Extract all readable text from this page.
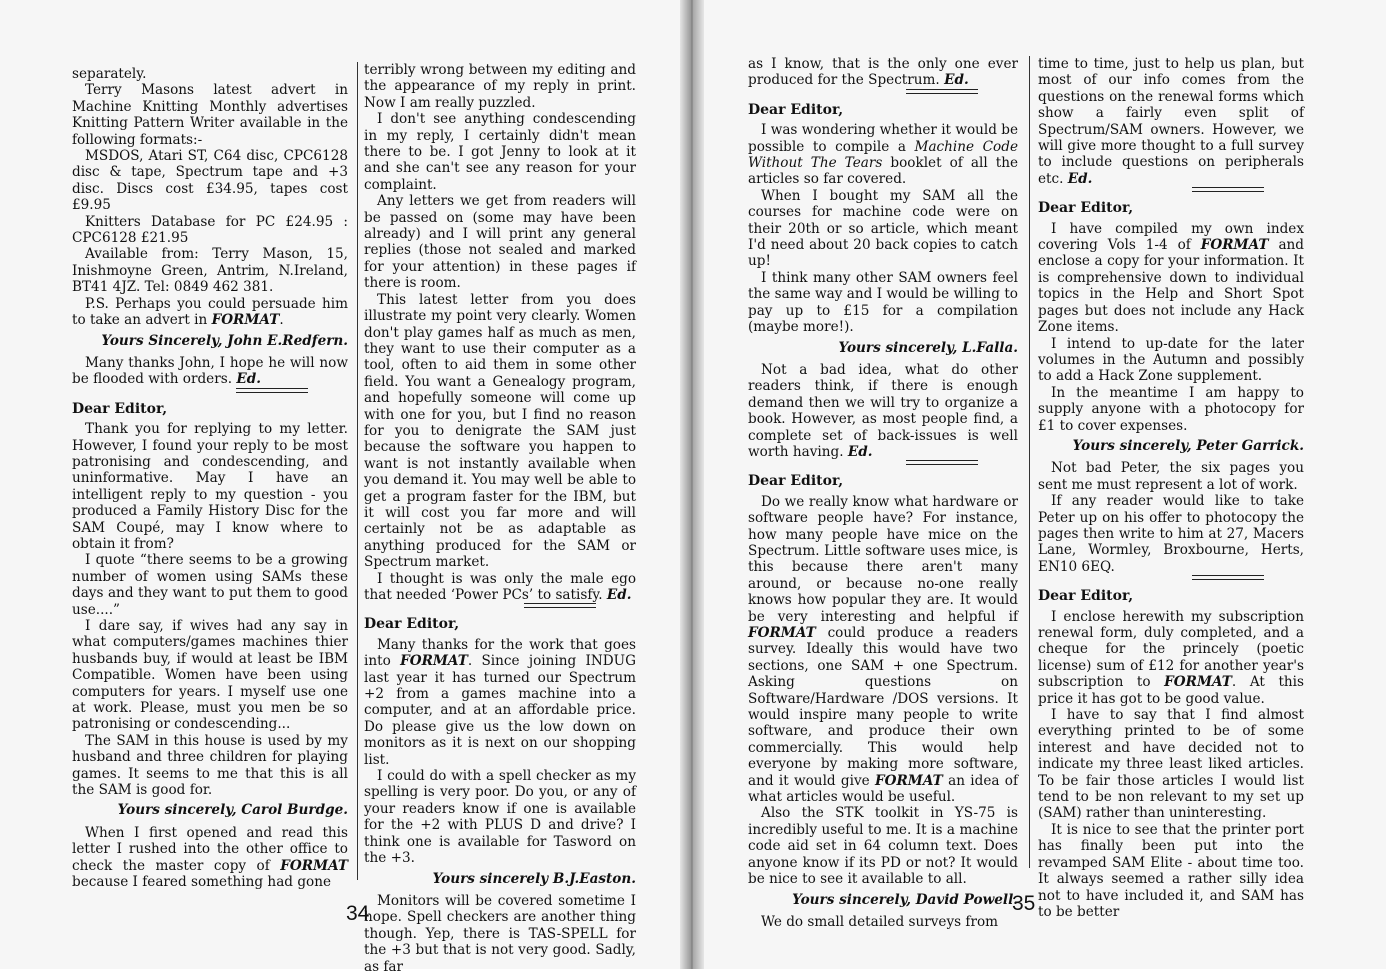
separately.

Terry Masons latest advert in Machine Knitting Monthly advertises Knitting Pattern Writer available in the following formats:-

MSDOS, Atari ST, C64 disc, CPC6128 disc & tape, Spectrum tape and +3 disc. Discs cost £34.95, tapes cost £9.95

Knitters Database for PC £24.95 : CPC6128 £21.95

Available from: Terry Mason, 15, Inishmoyne Green, Antrim, N.Ireland, BT41 4JZ. Tel: 0849 462 381.

P.S. Perhaps you could persuade him to take an advert in FORMAT.

Yours Sincerely, John E.Redfern.

Many thanks John, I hope he will now be flooded with orders. Ed.

Dear Editor,

Thank you for replying to my letter. However, I found your reply to be most patronising and condescending, and uninformative. May I have an intelligent reply to my question - you produced a Family History Disc for the SAM Coupé, may I know where to obtain it from?

I quote “there seems to be a growing number of women using SAMs these days and they want to put them to good use....”

I dare say, if wives had any say in what computers/games machines thier husbands buy, if would at least be IBM Compatible. Women have been using computers for years. I myself use one at work. Please, must you men be so patronising or condescending...

The SAM in this house is used by my husband and three children for playing games. It seems to me that this is all the SAM is good for.

Yours sincerely, Carol Burdge.

When I first opened and read this letter I rushed into the other office to check the master copy of FORMAT because I feared something had gone

terribly wrong between my editing and the appearance of my reply in print. Now I am really puzzled.

I don't see anything condescending in my reply, I certainly didn't mean there to be. I got Jenny to look at it and she can't see any reason for your complaint.

Any letters we get from readers will be passed on (some may have been already) and I will print any general replies (those not sealed and marked for your attention) in these pages if there is room.

This latest letter from you does illustrate my point very clearly. Women don't play games half as much as men, they want to use their computer as a tool, often to aid them in some other field. You want a Genealogy program, and hopefully someone will come up with one for you, but I find no reason for you to denigrate the SAM just because the software you happen to want is not instantly available when you demand it. You may well be able to get a program faster for the IBM, but it will cost you far more and will certainly not be as adaptable as anything produced for the SAM or Spectrum market.

I thought is was only the male ego that needed ‘Power PCs’ to satisfy. Ed.

Dear Editor,

Many thanks for the work that goes into FORMAT. Since joining INDUG last year it has turned our Spectrum +2 from a games machine into a computer, and at an affordable price. Do please give us the low down on monitors as it is next on our shopping list.

I could do with a spell checker as my spelling is very poor. Do you, or any of your readers know if one is available for the +2 with PLUS D and drive? I think one is available for Tasword on the +3.

Yours sincerely B.J.Easton.

Monitors will be covered sometime I hope. Spell checkers are another thing though. Yep, there is TAS-SPELL for the +3 but that is not very good. Sadly, as far

34

as I know, that is the only one ever produced for the Spectrum. Ed.

Dear Editor,

I was wondering whether it would be possible to compile a Machine Code Without The Tears booklet of all the articles so far covered.

When I bought my SAM all the courses for machine code were on their 20th or so article, which meant I'd need about 20 back copies to catch up!

I think many other SAM owners feel the same way and I would be willing to pay up to £15 for a compilation (maybe more!).

Yours sincerely, L.Falla.

Not a bad idea, what do other readers think, if there is enough demand then we will try to organize a book. However, as most people find, a complete set of back-issues is well worth having. Ed.

Dear Editor,

Do we really know what hardware or software people have? For instance, how many people have mice on the Spectrum. Little software uses mice, is this because there aren't many around, or because no-one really knows how popular they are. It would be very interesting and helpful if FORMAT could produce a readers survey. Ideally this would have two sections, one SAM + one Spectrum. Asking questions on Software/Hardware /DOS versions. It would inspire many people to write software, and produce their own commercially. This would help everyone by making more software, and it would give FORMAT an idea of what articles would be useful.

Also the STK toolkit in YS-75 is incredibly useful to me. It is a machine code aid set in 64 column text. Does anyone know if its PD or not? It would be nice to see it available to all.

Yours sincerely, David Powell.

We do small detailed surveys from

time to time, just to help us plan, but most of our info comes from the questions on the renewal forms which show a fairly even split of Spectrum/SAM owners. However, we will give more thought to a full survey to include questions on peripherals etc. Ed.

Dear Editor,

I have compiled my own index covering Vols 1-4 of FORMAT and enclose a copy for your information. It is comprehensive down to individual topics in the Help and Short Spot pages but does not include any Hack Zone items.

I intend to up-date for the later volumes in the Autumn and possibly to add a Hack Zone supplement.

In the meantime I am happy to supply anyone with a photocopy for £1 to cover expenses.

Yours sincerely, Peter Garrick.

Not bad Peter, the six pages you sent me must represent a lot of work.

If any reader would like to take Peter up on his offer to photocopy the pages then write to him at 27, Macers Lane, Wormley, Broxbourne, Herts, EN10 6EQ.

Dear Editor,

I enclose herewith my subscription renewal form, duly completed, and a cheque for the princely (poetic license) sum of £12 for another year's subscription to FORMAT. At this price it has got to be good value.

I have to say that I find almost everything printed to be of some interest and have decided not to indicate my three least liked articles. To be fair those articles I would list tend to be non relevant to my set up (SAM) rather than uninteresting.

It is nice to see that the printer port has finally been put into the revamped SAM Elite - about time too. It always seemed a rather silly idea not to have included it, and SAM has to be better

35
